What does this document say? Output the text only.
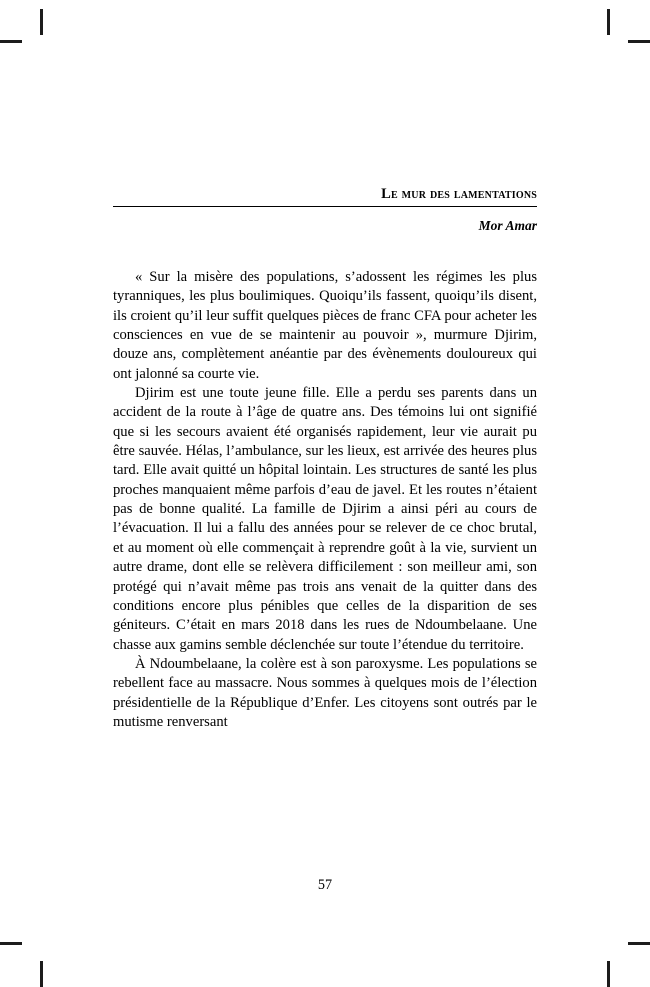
Le mur des lamentations
Mor Amar

« Sur la misère des populations, s’adossent les régimes les plus tyranniques, les plus boulimiques. Quoiqu’ils fassent, quoiqu’ils disent, ils croient qu’il leur suffit quelques pièces de franc CFA pour acheter les consciences en vue de se maintenir au pouvoir », murmure Djirim, douze ans, complètement anéantie par des évènements douloureux qui ont jalonné sa courte vie.

Djirim est une toute jeune fille. Elle a perdu ses parents dans un accident de la route à l’âge de quatre ans. Des témoins lui ont signifié que si les secours avaient été organisés rapidement, leur vie aurait pu être sauvée. Hélas, l’ambulance, sur les lieux, est arrivée des heures plus tard. Elle avait quitté un hôpital lointain. Les structures de santé les plus proches manquaient même parfois d’eau de javel. Et les routes n’étaient pas de bonne qualité. La famille de Djirim a ainsi péri au cours de l’évacuation. Il lui a fallu des années pour se relever de ce choc brutal, et au moment où elle commençait à reprendre goût à la vie, survient un autre drame, dont elle se relèvera difficilement : son meilleur ami, son protégé qui n’avait même pas trois ans venait de la quitter dans des conditions encore plus pénibles que celles de la disparition de ses géniteurs. C’était en mars 2018 dans les rues de Ndoumbelaane. Une chasse aux gamins semble déclenchée sur toute l’étendue du territoire.

À Ndoumbelaane, la colère est à son paroxysme. Les populations se rebellent face au massacre. Nous sommes à quelques mois de l’élection présidentielle de la République d’Enfer. Les citoyens sont outrés par le mutisme renversant

57
